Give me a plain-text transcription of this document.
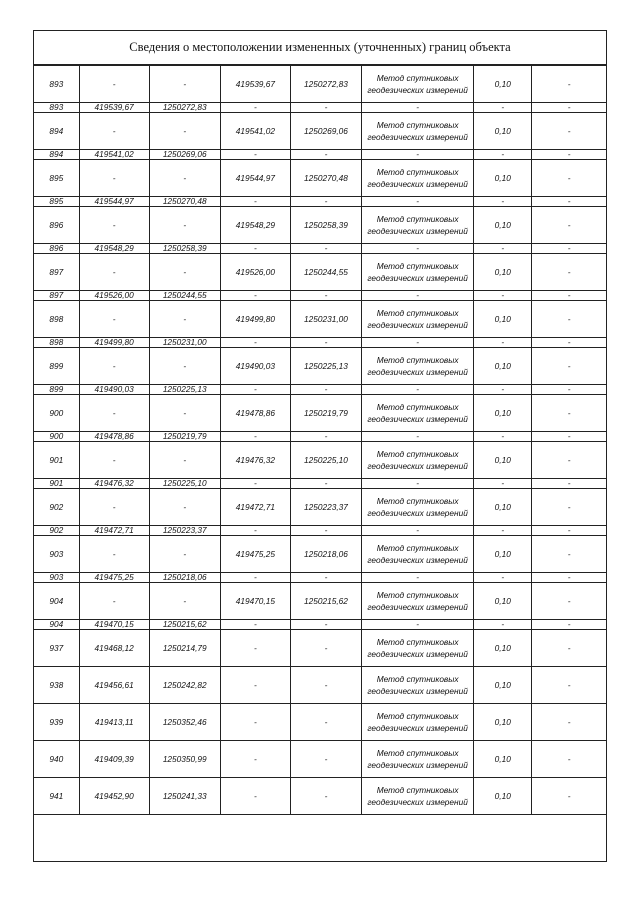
Сведения о местоположении измененных (уточненных) границ объекта
893	-	-	419539,67	1250272,83	Метод спутниковых геодезических измерений	0,10	-
893	419539,67	1250272,83	-	-	-	-	-
894	-	-	419541,02	1250269,06	Метод спутниковых геодезических измерений	0,10	-
894	419541,02	1250269,06	-	-	-	-	-
895	-	-	419544,97	1250270,48	Метод спутниковых геодезических измерений	0,10	-
895	419544,97	1250270,48	-	-	-	-	-
896	-	-	419548,29	1250258,39	Метод спутниковых геодезических измерений	0,10	-
896	419548,29	1250258,39	-	-	-	-	-
897	-	-	419526,00	1250244,55	Метод спутниковых геодезических измерений	0,10	-
897	419526,00	1250244,55	-	-	-	-	-
898	-	-	419499,80	1250231,00	Метод спутниковых геодезических измерений	0,10	-
898	419499,80	1250231,00	-	-	-	-	-
899	-	-	419490,03	1250225,13	Метод спутниковых геодезических измерений	0,10	-
899	419490,03	1250225,13	-	-	-	-	-
900	-	-	419478,86	1250219,79	Метод спутниковых геодезических измерений	0,10	-
900	419478,86	1250219,79	-	-	-	-	-
901	-	-	419476,32	1250225,10	Метод спутниковых геодезических измерений	0,10	-
901	419476,32	1250225,10	-	-	-	-	-
902	-	-	419472,71	1250223,37	Метод спутниковых геодезических измерений	0,10	-
902	419472,71	1250223,37	-	-	-	-	-
903	-	-	419475,25	1250218,06	Метод спутниковых геодезических измерений	0,10	-
903	419475,25	1250218,06	-	-	-	-	-
904	-	-	419470,15	1250215,62	Метод спутниковых геодезических измерений	0,10	-
904	419470,15	1250215,62	-	-	-	-	-
937	419468,12	1250214,79	-	-	Метод спутниковых геодезических измерений	0,10	-
938	419456,61	1250242,82	-	-	Метод спутниковых геодезических измерений	0,10	-
939	419413,11	1250352,46	-	-	Метод спутниковых геодезических измерений	0,10	-
940	419409,39	1250350,99	-	-	Метод спутниковых геодезических измерений	0,10	-
941	419452,90	1250241,33	-	-	Метод спутниковых геодезических измерений	0,10	-
